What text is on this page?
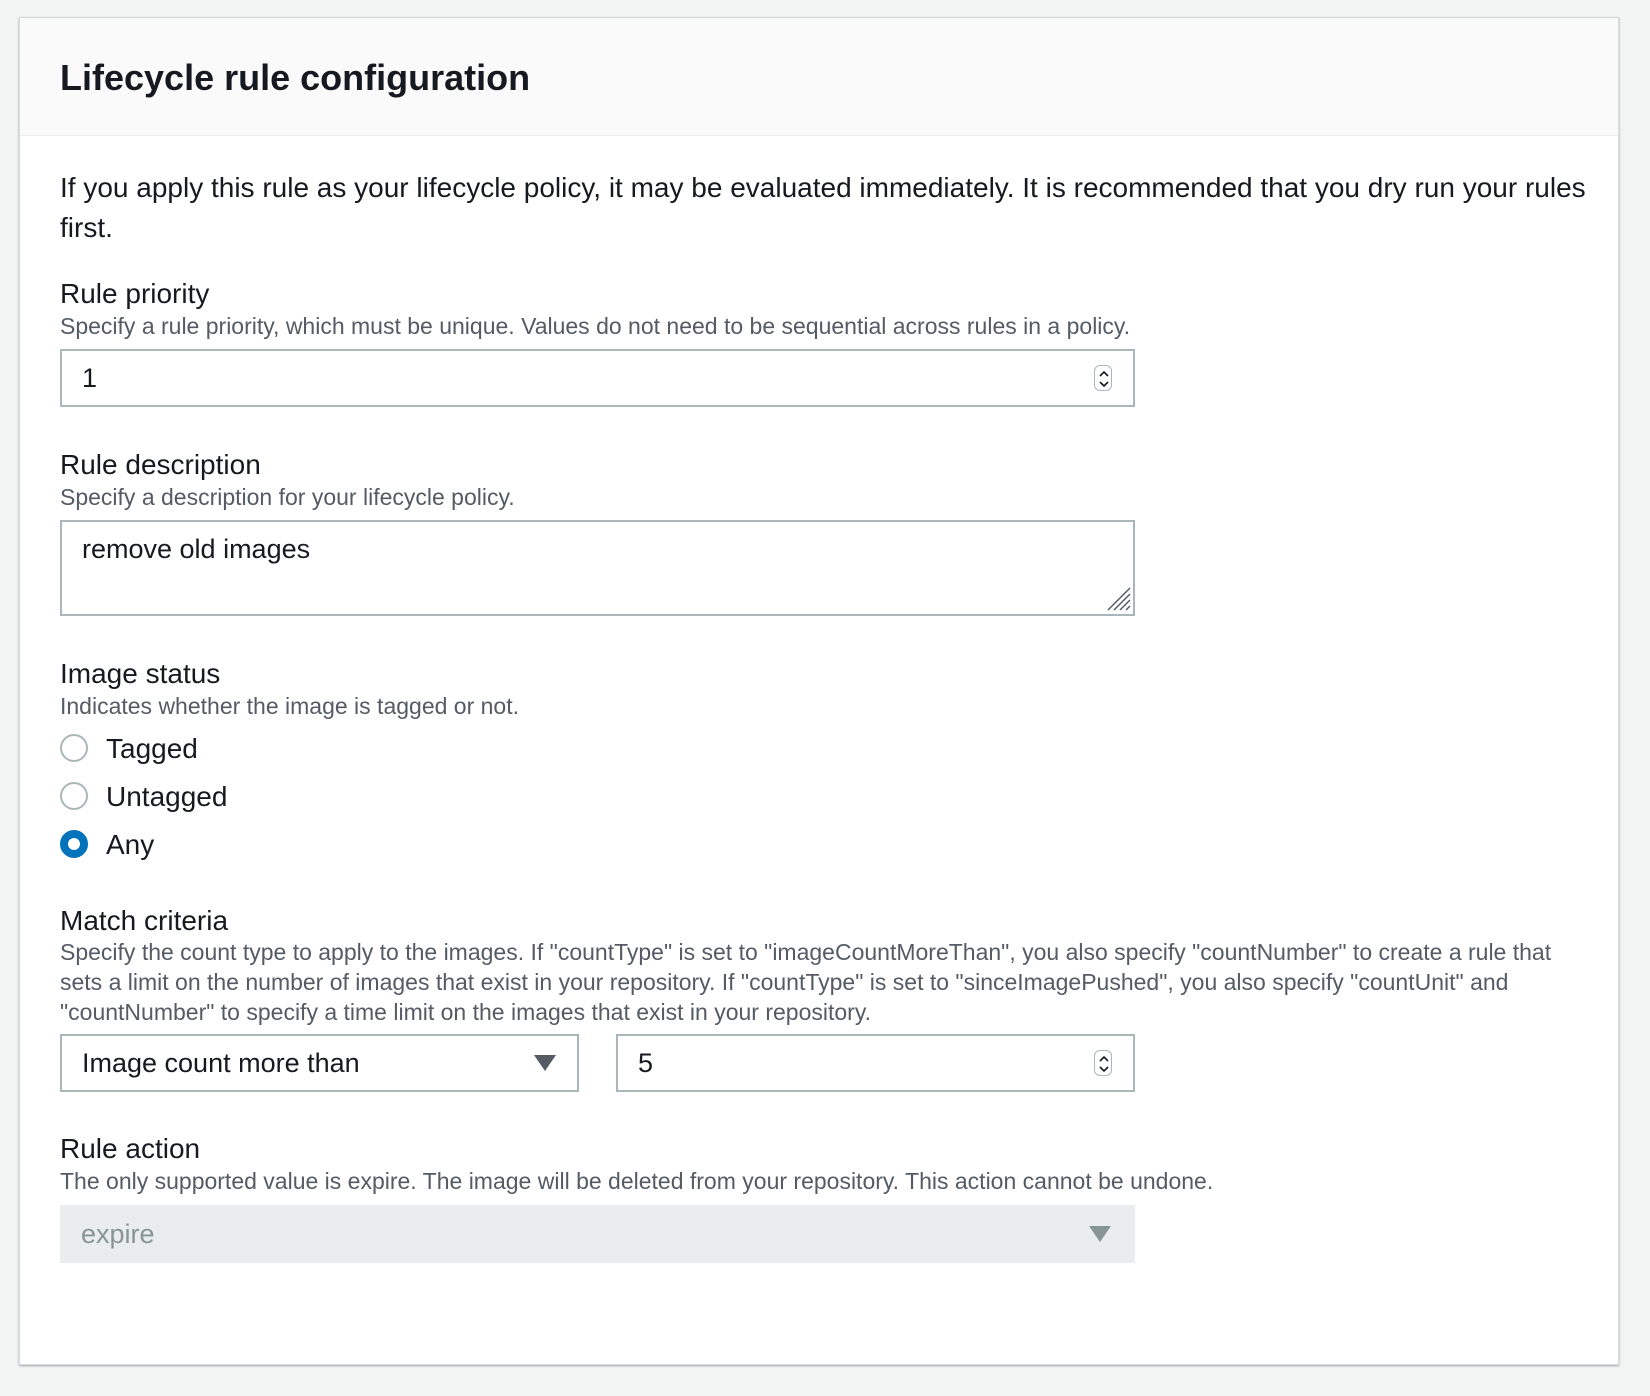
Lifecycle rule configuration

If you apply this rule as your lifecycle policy, it may be evaluated immediately. It is recommended that you dry run your rules first.

Rule priority
Specify a rule priority, which must be unique. Values do not need to be sequential across rules in a policy.
1
Rule description
Specify a description for your lifecycle policy.
remove old images
Image status
Indicates whether the image is tagged or not.
Tagged
Untagged
Any
Match criteria
Specify the count type to apply to the images. If "countType" is set to "imageCountMoreThan", you also specify "countNumber" to create a rule that sets a limit on the number of images that exist in your repository. If "countType" is set to "sinceImagePushed", you also specify "countUnit" and "countNumber" to specify a time limit on the images that exist in your repository.
Image count more than	5
Rule action
The only supported value is expire. The image will be deleted from your repository. This action cannot be undone.
expire
